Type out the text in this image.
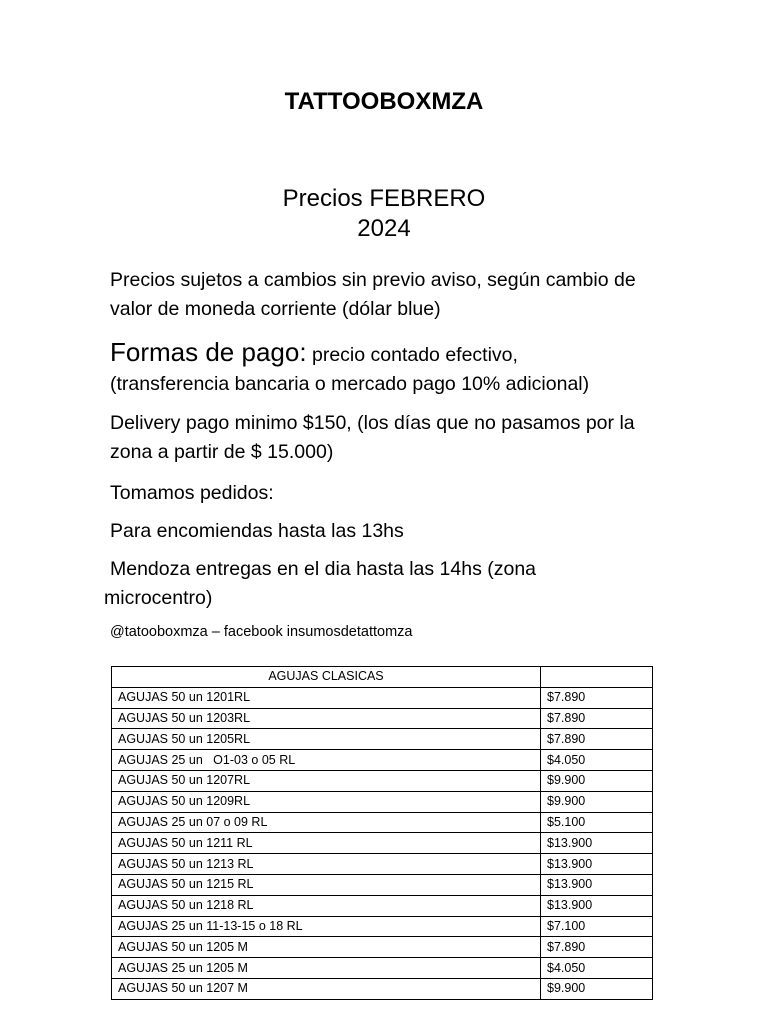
TATTOOBOXMZA
Precios FEBRERO
2024
Precios sujetos a cambios sin previo aviso, según cambio de valor de moneda corriente (dólar blue)
Formas de pago: precio contado efectivo,
(transferencia bancaria o mercado pago 10% adicional)
Delivery pago minimo $150, (los días que no pasamos por la zona a partir de $ 15.000)
Tomamos pedidos:
Para encomiendas hasta las 13hs
Mendoza entregas en el dia hasta las 14hs (zona
microcentro)
@tatooboxmza – facebook insumosdetattomza
AGUJAS CLASICAS	
AGUJAS 50 un 1201RL	$7.890
AGUJAS 50 un 1203RL	$7.890
AGUJAS 50 un 1205RL	$7.890
AGUJAS 25 un   O1-03 o 05 RL	$4.050
AGUJAS 50 un 1207RL	$9.900
AGUJAS 50 un 1209RL	$9.900
AGUJAS 25 un 07 o 09 RL	$5.100
AGUJAS 50 un 1211 RL	$13.900
AGUJAS 50 un 1213 RL	$13.900
AGUJAS 50 un 1215 RL	$13.900
AGUJAS 50 un 1218 RL	$13.900
AGUJAS 25 un 11-13-15 o 18 RL	$7.100
AGUJAS 50 un 1205 M	$7.890
AGUJAS 25 un 1205 M	$4.050
AGUJAS 50 un 1207 M	$9.900
